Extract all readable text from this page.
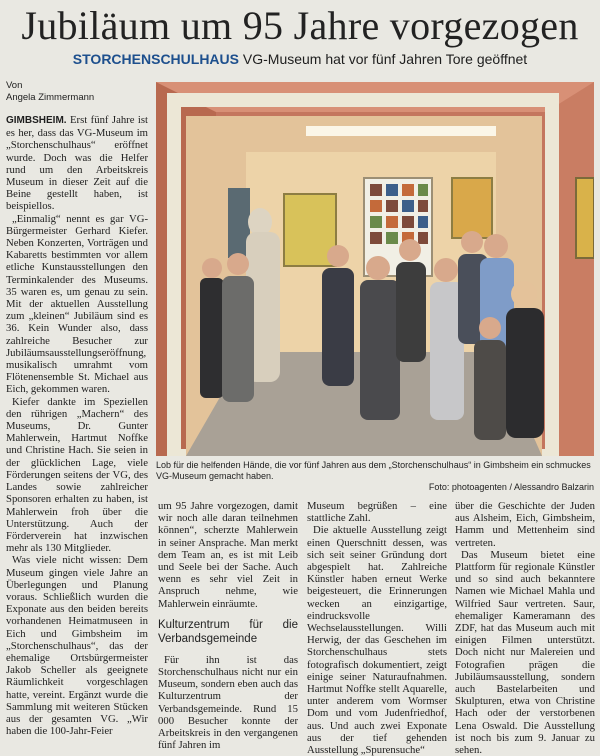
Jubiläum um 95 Jahre vorgezogen
STORCHENSCHULHAUS VG-Museum hat vor fünf Jahren Tore geöffnet
Von
Angela Zimmermann
Lob für die helfenden Hände, die vor fünf Jahren aus dem „Storchenschulhaus“ in Gimbsheim ein schmuckes VG-Museum gemacht haben.
Foto: photoagenten / Alessandro Balzarin

GIMBSHEIM. Erst fünf Jahre ist es her, dass das VG-Museum im „Storchenschulhaus“ eröffnet wurde. Doch was die Helfer rund um den Arbeitskreis Museum in dieser Zeit auf die Beine gestellt haben, ist beispiellos.

„Einmalig“ nennt es gar VG-Bürgermeister Gerhard Kiefer. Neben Konzerten, Vorträgen und Kabaretts bestimmten vor allem etliche Kunstausstellungen den Terminkalender des Museums. 35 waren es, um genau zu sein. Mit der aktuellen Ausstellung zum „kleinen“ Jubiläum sind es 36. Kein Wunder also, dass zahlreiche Besucher zur Jubiläumsausstellungseröffnung, musikalisch umrahmt vom Flötenensemble St. Michael aus Eich, gekommen waren.

Kiefer dankte im Speziellen den rührigen „Machern“ des Museums, Dr. Gunter Mahlerwein, Hartmut Noffke und Christine Hach. Sie seien in der glücklichen Lage, viele Förderungen seitens der VG, des Landes sowie zahlreicher Sponsoren erhalten zu haben, ist Mahlerwein froh über die Unterstützung. Auch der Förderverein hat inzwischen mehr als 130 Mitglieder.

Was viele nicht wissen: Dem Museum gingen viele Jahre an Überlegungen und Planung voraus. Schließlich wurden die Exponate aus den beiden bereits vorhandenen Heimatmuseen in Eich und Gimbsheim im „Storchenschulhaus“, das der ehemalige Ortsbürgermeister Jakob Scheller als geeignete Räumlichkeit vorgeschlagen hatte, vereint. Ergänzt wurde die Sammlung mit weiteren Stücken aus der gesamten VG. „Wir haben die 100-Jahr-Feier

um 95 Jahre vorgezogen, damit wir noch alle daran teilnehmen können“, scherzte Mahlerwein in seiner Ansprache. Man merkt dem Team an, es ist mit Leib und Seele bei der Sache. Auch wenn es sehr viel Zeit in Anspruch nehme, wie Mahlerwein einräumte.

Kulturzentrum für die Verbandsgemeinde

Für ihn ist das Storchenschulhaus nicht nur ein Museum, sondern eben auch das Kulturzentrum der Verbandsgemeinde. Rund 15 000 Besucher konnte der Arbeitskreis in den vergangenen fünf Jahren im

Museum begrüßen – eine stattliche Zahl.

Die aktuelle Ausstellung zeigt einen Querschnitt dessen, was sich seit seiner Gründung dort abgespielt hat. Zahlreiche Künstler haben erneut Werke beigesteuert, die Erinnerungen wecken an einzigartige, eindrucksvolle Wechselausstellungen. Willi Herwig, der das Geschehen im Storchenschulhaus stets fotografisch dokumentiert, zeigt einige seiner Naturaufnahmen. Hartmut Noffke stellt Aquarelle, unter anderem vom Wormser Dom und vom Judenfriedhof, aus. Und auch zwei Exponate aus der tief gehenden Ausstellung „Spurensuche“

über die Geschichte der Juden aus Alsheim, Eich, Gimbsheim, Hamm und Mettenheim sind vertreten.

Das Museum bietet eine Plattform für regionale Künstler und so sind auch bekanntere Namen wie Michael Mahla und Wilfried Saur vertreten. Saur, ehemaliger Kameramann des ZDF, hat das Museum auch mit einigen Filmen unterstützt. Doch nicht nur Malereien und Fotografien prägen die Jubiläumsausstellung, sondern auch Bastelarbeiten und Skulpturen, etwa von Christine Hach oder der verstorbenen Lena Oswald. Die Ausstellung ist noch bis zum 9. Januar zu sehen.
